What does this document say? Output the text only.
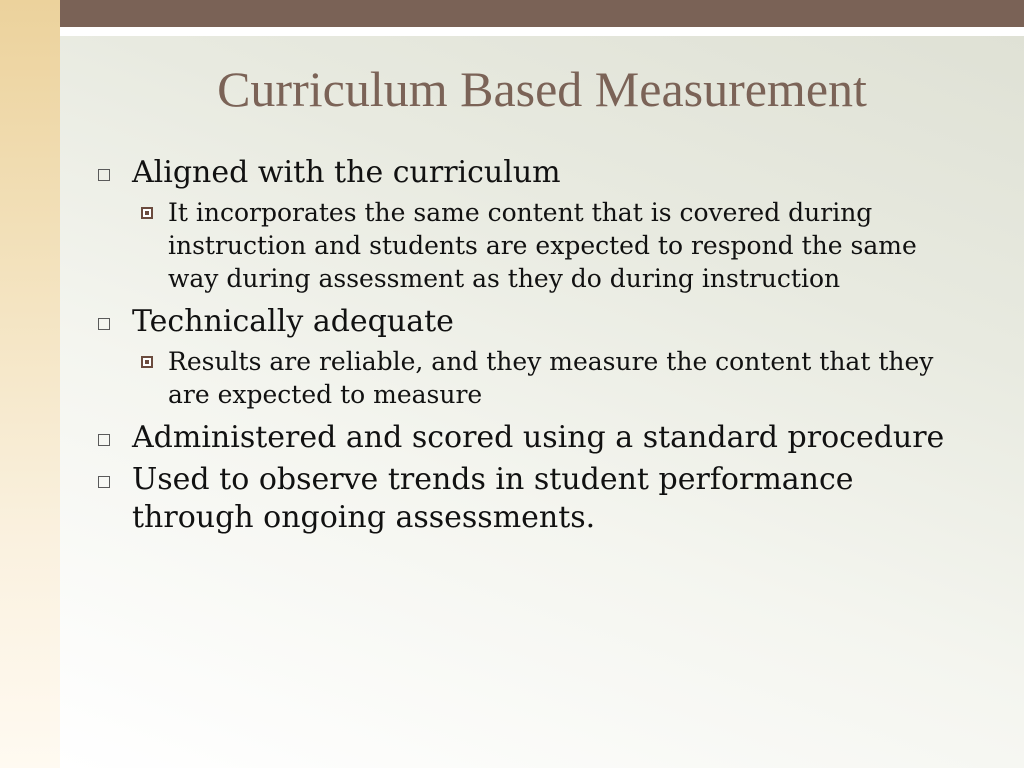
Curriculum Based Measurement
Aligned with the curriculum
It incorporates the same content that is covered during instruction and students are expected to respond the same way during assessment as they do during instruction
Technically adequate
Results are reliable, and they measure the content that they are expected to measure
Administered and scored using a standard procedure
Used to observe trends in student performance through ongoing assessments.
